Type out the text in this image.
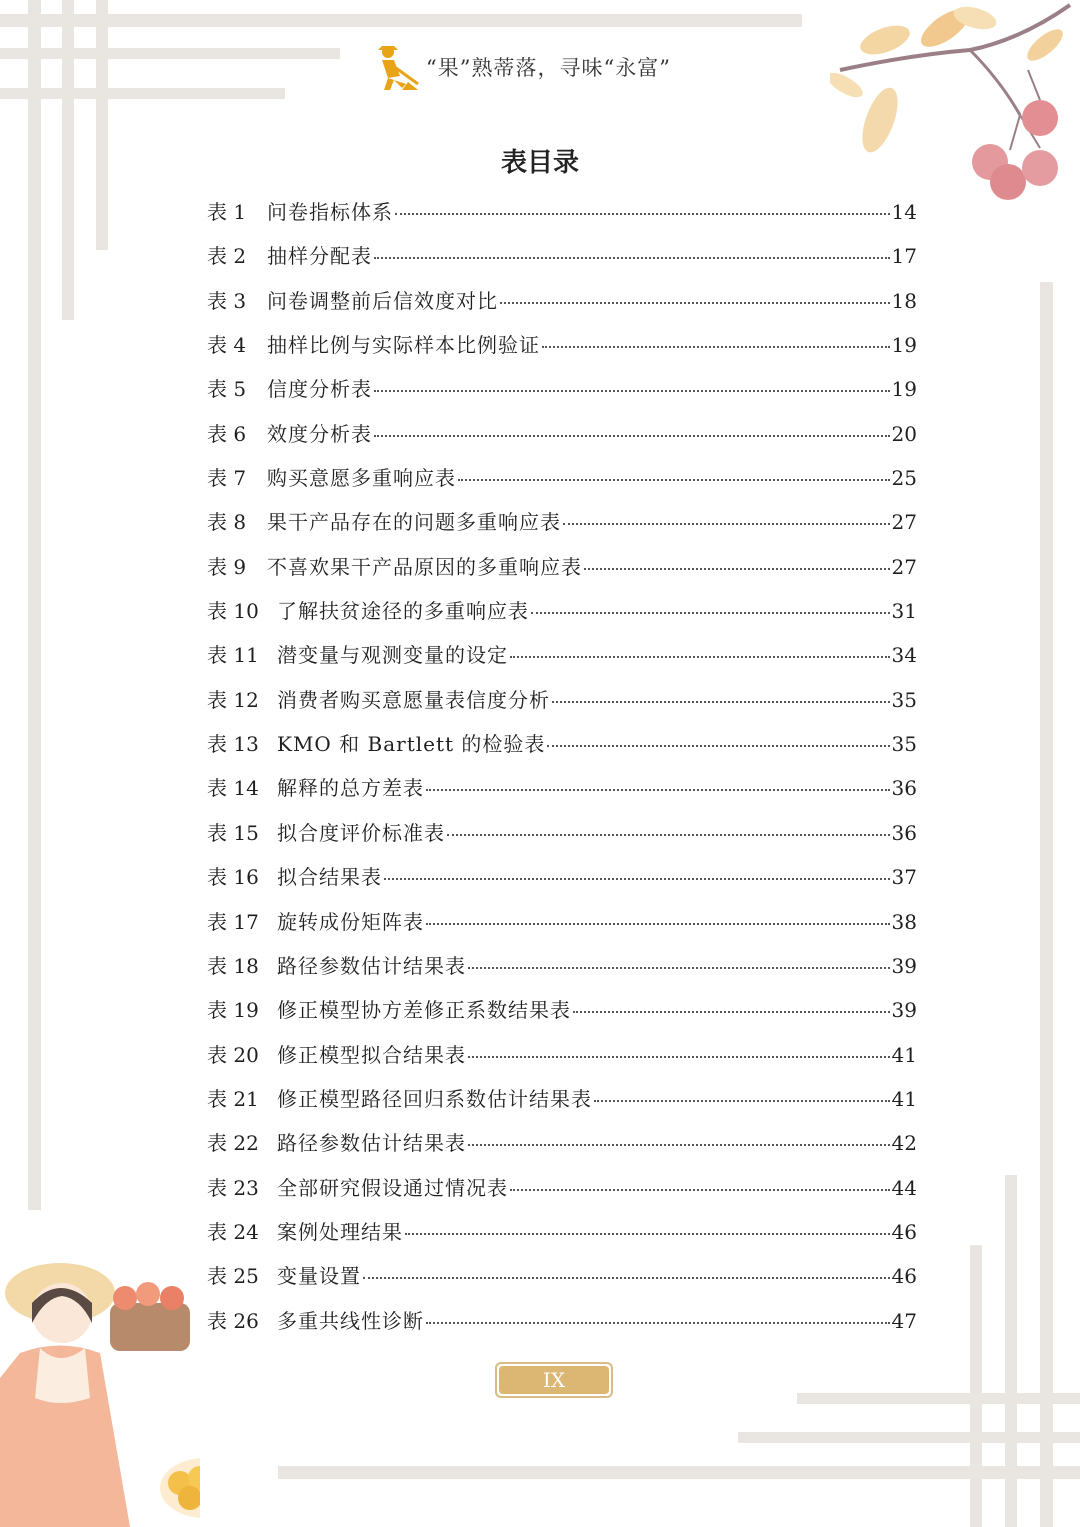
“果”熟蒂落，寻味“永富”
表目录
表 1	问卷指标体系	14
表 2	抽样分配表	17
表 3	问卷调整前后信效度对比	18
表 4	抽样比例与实际样本比例验证	19
表 5	信度分析表	19
表 6	效度分析表	20
表 7	购买意愿多重响应表	25
表 8	果干产品存在的问题多重响应表	27
表 9	不喜欢果干产品原因的多重响应表	27
表 10 了解扶贫途径的多重响应表	31
表 11 潜变量与观测变量的设定	34
表 12 消费者购买意愿量表信度分析	35
表 13 KMO 和 Bartlett 的检验表	35
表 14 解释的总方差表	36
表 15 拟合度评价标准表	36
表 16 拟合结果表	37
表 17 旋转成份矩阵表	38
表 18 路径参数估计结果表	39
表 19 修正模型协方差修正系数结果表	39
表 20 修正模型拟合结果表	41
表 21 修正模型路径回归系数估计结果表	41
表 22 路径参数估计结果表	42
表 23 全部研究假设通过情况表	44
表 24 案例处理结果	46
表 25 变量设置	46
表 26 多重共线性诊断	47
IX
